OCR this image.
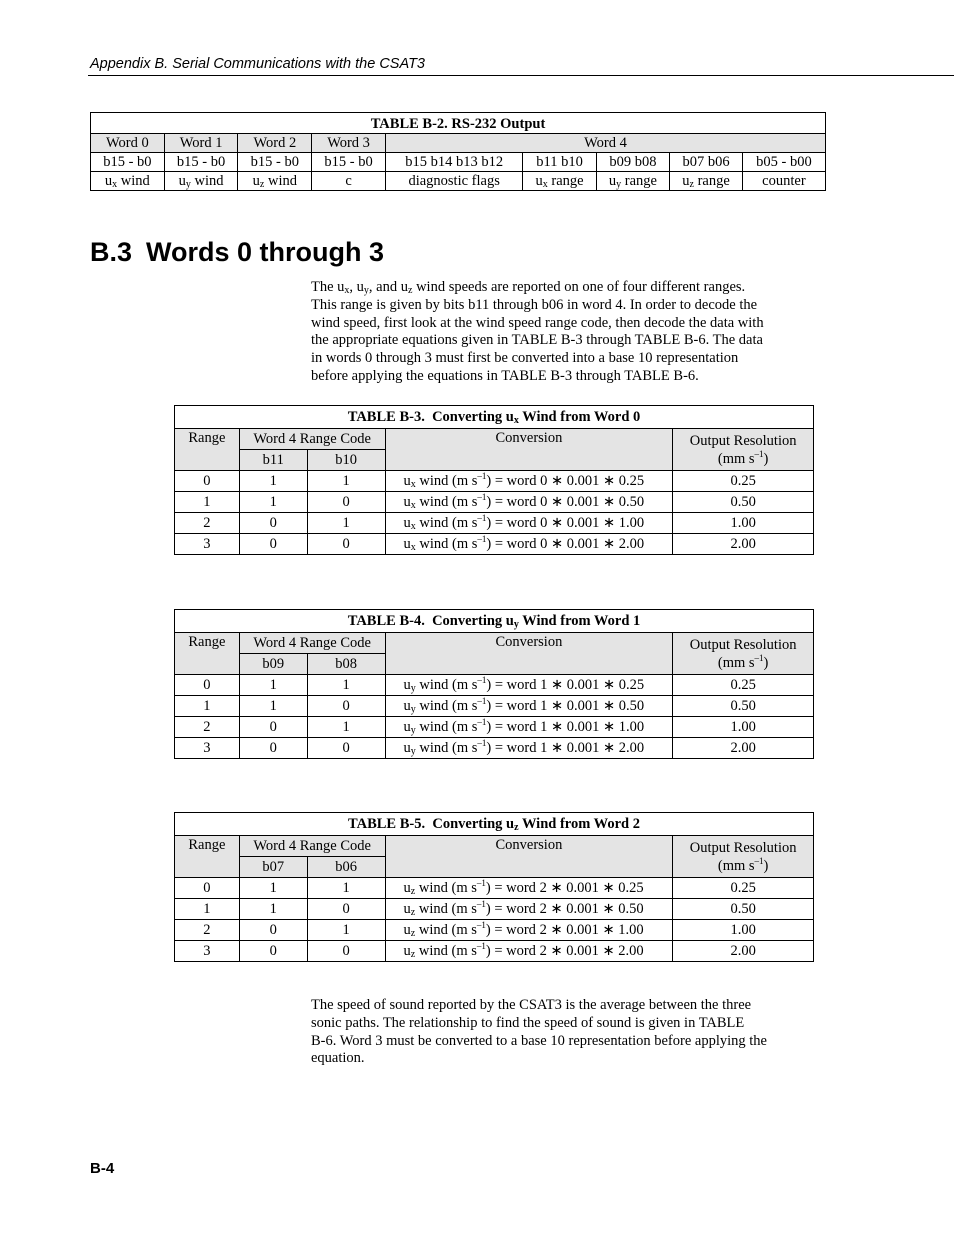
Appendix B. Serial Communications with the CSAT3
TABLE B-2. RS-232 Output								
Word 0	Word 1	Word 2	Word 3	Word 4				
b15 - b0	b15 - b0	b15 - b0	b15 - b0	b15 b14 b13 b12	b11 b10	b09 b08	b07 b06	b05 - b00
$u_x$ wind	$u_y$ wind	$u_z$ wind	c	diagnostic flags	$u_x$ range	$u_y$ range	$u_z$ range	counter
B.3 Words 0 through 3
The $u_x$, $u_y$, and $u_z$ wind speeds are reported on one of four different ranges.
This range is given by bits b11 through b06 in word 4. In order to decode the
wind speed, first look at the wind speed range code, then decode the data with
the appropriate equations given in TABLE B-3 through TABLE B-6. The data
in words 0 through 3 must first be converted into a base 10 representation
before applying the equations in TABLE B-3 through TABLE B-6.
TABLE B-3. Converting $u_x$ Wind from Word 0				
Range	Word 4 Range Code		Conversion	Output Resolution
(mm $s^{-1}$)
	b11	b10		
0	1	1	$u_x$ wind (m $s^{-1}$) = word 0 ∗ 0.001 ∗ 0.25	0.25
1	1	0	$u_x$ wind (m $s^{-1}$) = word 0 ∗ 0.001 ∗ 0.50	0.50
2	0	1	$u_x$ wind (m $s^{-1}$) = word 0 ∗ 0.001 ∗ 1.00	1.00
3	0	0	$u_x$ wind (m $s^{-1}$) = word 0 ∗ 0.001 ∗ 2.00	2.00
TABLE B-4. Converting $u_y$ Wind from Word 1				
Range	Word 4 Range Code		Conversion	Output Resolution
(mm $s^{-1}$)
	b09	b08		
0	1	1	$u_y$ wind (m $s^{-1}$) = word 1 ∗ 0.001 ∗ 0.25	0.25
1	1	0	$u_y$ wind (m $s^{-1}$) = word 1 ∗ 0.001 ∗ 0.50	0.50
2	0	1	$u_y$ wind (m $s^{-1}$) = word 1 ∗ 0.001 ∗ 1.00	1.00
3	0	0	$u_y$ wind (m $s^{-1}$) = word 1 ∗ 0.001 ∗ 2.00	2.00
TABLE B-5. Converting $u_z$ Wind from Word 2				
Range	Word 4 Range Code		Conversion	Output Resolution
(mm $s^{-1}$)
	b07	b06		
0	1	1	$u_z$ wind (m $s^{-1}$) = word 2 ∗ 0.001 ∗ 0.25	0.25
1	1	0	$u_z$ wind (m $s^{-1}$) = word 2 ∗ 0.001 ∗ 0.50	0.50
2	0	1	$u_z$ wind (m $s^{-1}$) = word 2 ∗ 0.001 ∗ 1.00	1.00
3	0	0	$u_z$ wind (m $s^{-1}$) = word 2 ∗ 0.001 ∗ 2.00	2.00
The speed of sound reported by the CSAT3 is the average between the three
sonic paths. The relationship to find the speed of sound is given in TABLE
B-6. Word 3 must be converted to a base 10 representation before applying the
equation.
B-4
